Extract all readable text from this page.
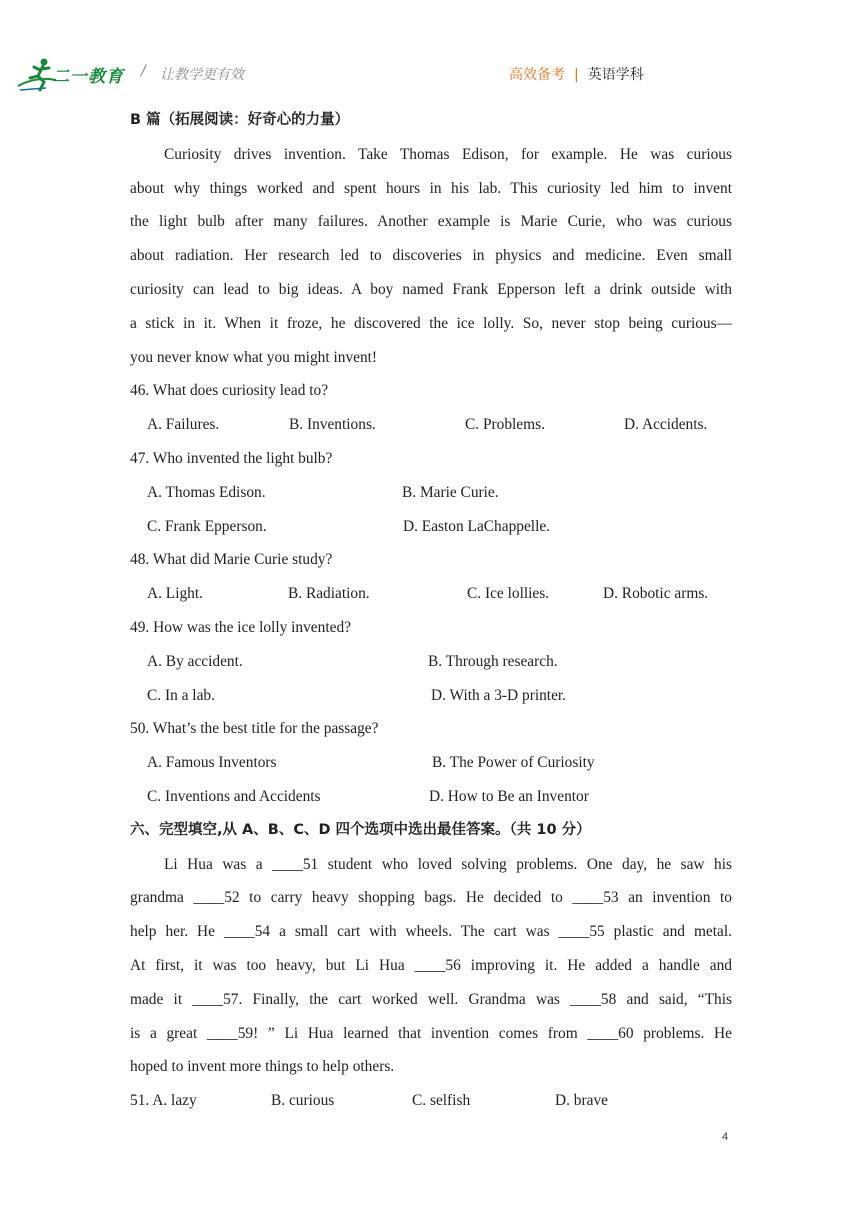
二一教育 / 让教学更有效	高效备考 | 英语学科
B 篇（拓展阅读：好奇心的力量）
Curiosity drives invention. Take Thomas Edison, for example. He was curious
about why things worked and spent hours in his lab. This curiosity led him to invent
the light bulb after many failures. Another example is Marie Curie, who was curious
about radiation. Her research led to discoveries in physics and medicine. Even small
curiosity can lead to big ideas. A boy named Frank Epperson left a drink outside with
a stick in it. When it froze, he discovered the ice lolly. So, never stop being curious—
you never know what you might invent!
46. What does curiosity lead to?
A. Failures.	B. Inventions.	C. Problems.	D. Accidents.
47. Who invented the light bulb?
A. Thomas Edison.	B. Marie Curie.
C. Frank Epperson.	D. Easton LaChappelle.
48. What did Marie Curie study?
A. Light.	B. Radiation.	C. Ice lollies.	D. Robotic arms.
49. How was the ice lolly invented?
A. By accident.	B. Through research.
C. In a lab.	D. With a 3-D printer.
50. What’s the best title for the passage?
A. Famous Inventors	B. The Power of Curiosity
C. Inventions and Accidents	D. How to Be an Inventor
六、完型填空,从 A、B、C、D 四个选项中选出最佳答案。（共 10 分）
Li Hua was a ____51 student who loved solving problems. One day, he saw his
grandma ____52 to carry heavy shopping bags. He decided to ____53 an invention to
help her. He ____54 a small cart with wheels. The cart was ____55 plastic and metal.
At first, it was too heavy, but Li Hua ____56 improving it. He added a handle and
made it ____57. Finally, the cart worked well. Grandma was ____58 and said, “This
is a great ____59! ” Li Hua learned that invention comes from ____60 problems. He
hoped to invent more things to help others.
51. A. lazy	B. curious	C. selfish	D. brave
4
